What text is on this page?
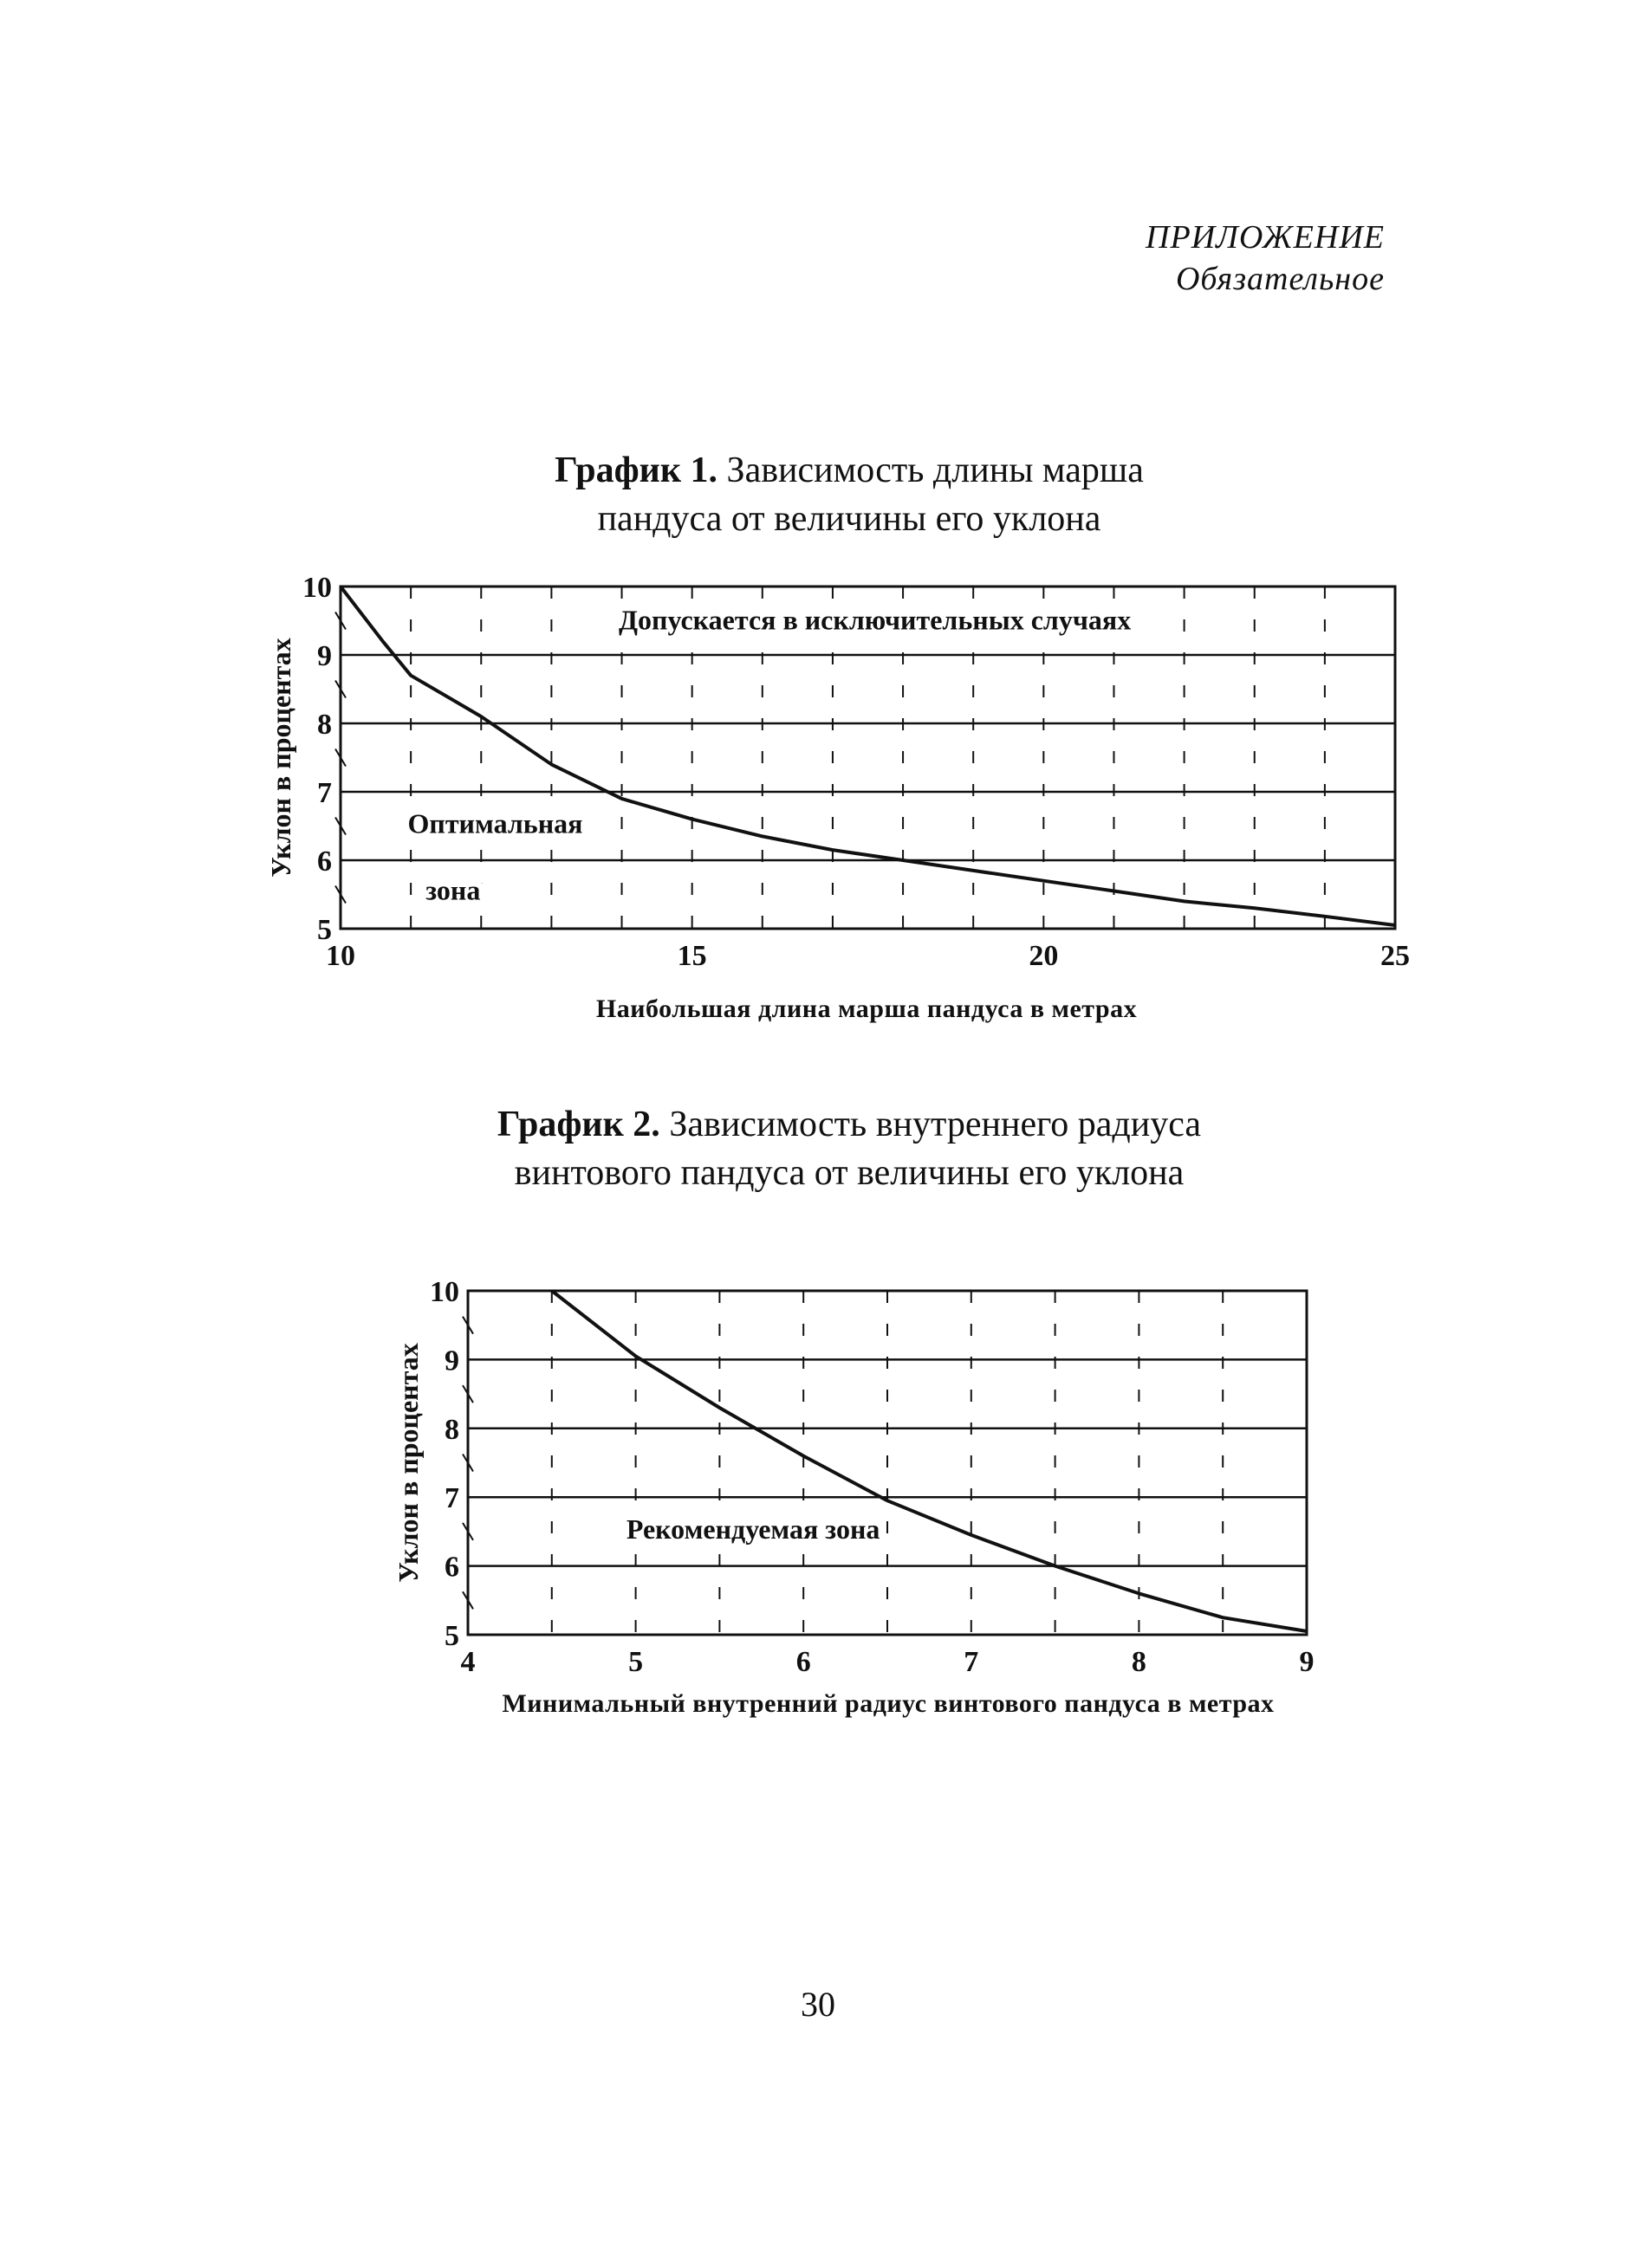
ПРИЛОЖЕНИЕ
Обязательное
График 1. Зависимость длины марша
пандуса от величины его уклона
График 2. Зависимость внутреннего радиуса
винтового пандуса от величины его уклона
Наибольшая длина марша пандуса в метрах
Минимальный внутренний радиус винтового пандуса в метрах
5
6
7
8
9
10
10	15	20	25
Уклон в процентах
5
6
7
8
9
10
4	5	6	7	8	9
Уклон в процентах
Допускается в исключительных случаях
Оптимальная
зона
Рекомендуемая зона
30
